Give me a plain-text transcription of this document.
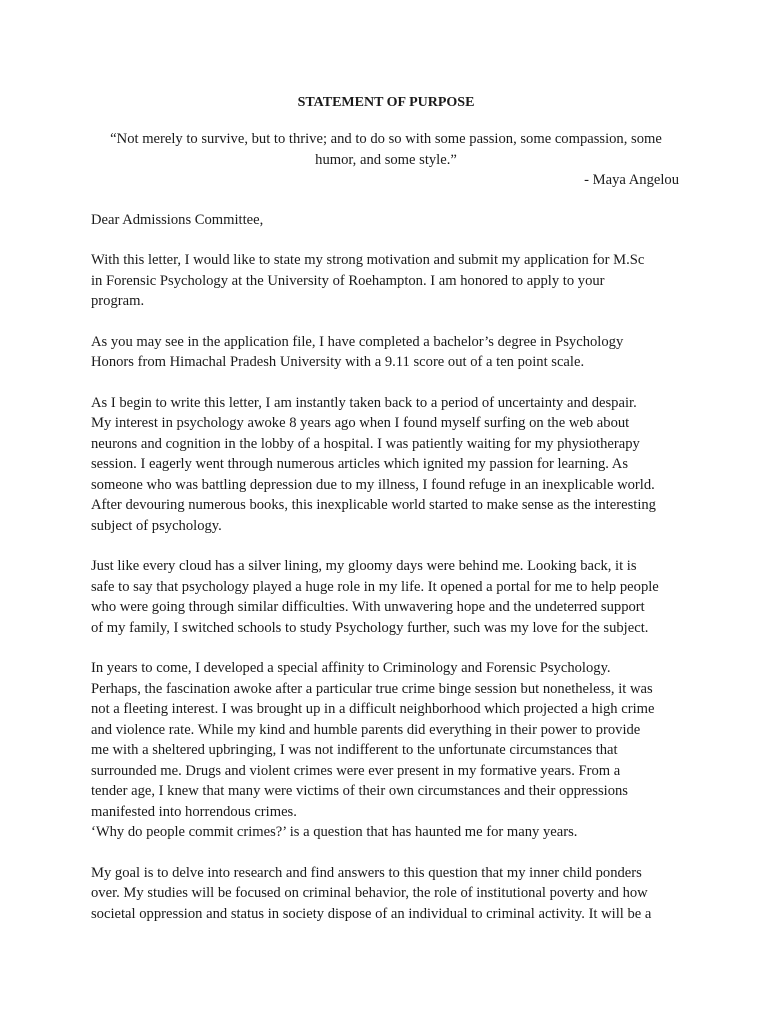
STATEMENT OF PURPOSE
“Not merely to survive, but to thrive; and to do so with some passion, some compassion, some
humor, and some style.”
- Maya Angelou
Dear Admissions Committee,
With this letter, I would like to state my strong motivation and submit my application for M.Sc
in Forensic Psychology at the University of Roehampton. I am honored to apply to your
program.
As you may see in the application file, I have completed a bachelor’s degree in Psychology
Honors from Himachal Pradesh University with a 9.11 score out of a ten point scale.
As I begin to write this letter, I am instantly taken back to a period of uncertainty and despair.
My interest in psychology awoke 8 years ago when I found myself surfing on the web about
neurons and cognition in the lobby of a hospital. I was patiently waiting for my physiotherapy
session. I eagerly went through numerous articles which ignited my passion for learning. As
someone who was battling depression due to my illness, I found refuge in an inexplicable world.
After devouring numerous books, this inexplicable world started to make sense as the interesting
subject of psychology.
Just like every cloud has a silver lining, my gloomy days were behind me. Looking back, it is
safe to say that psychology played a huge role in my life. It opened a portal for me to help people
who were going through similar difficulties. With unwavering hope and the undeterred support
of my family, I switched schools to study Psychology further, such was my love for the subject.
In years to come, I developed a special affinity to Criminology and Forensic Psychology.
Perhaps, the fascination awoke after a particular true crime binge session but nonetheless, it was
not a fleeting interest. I was brought up in a difficult neighborhood which projected a high crime
and violence rate. While my kind and humble parents did everything in their power to provide
me with a sheltered upbringing, I was not indifferent to the unfortunate circumstances that
surrounded me. Drugs and violent crimes were ever present in my formative years. From a
tender age, I knew that many were victims of their own circumstances and their oppressions
manifested into horrendous crimes.
‘Why do people commit crimes?’ is a question that has haunted me for many years.
My goal is to delve into research and find answers to this question that my inner child ponders
over. My studies will be focused on criminal behavior, the role of institutional poverty and how
societal oppression and status in society dispose of an individual to criminal activity. It will be a
